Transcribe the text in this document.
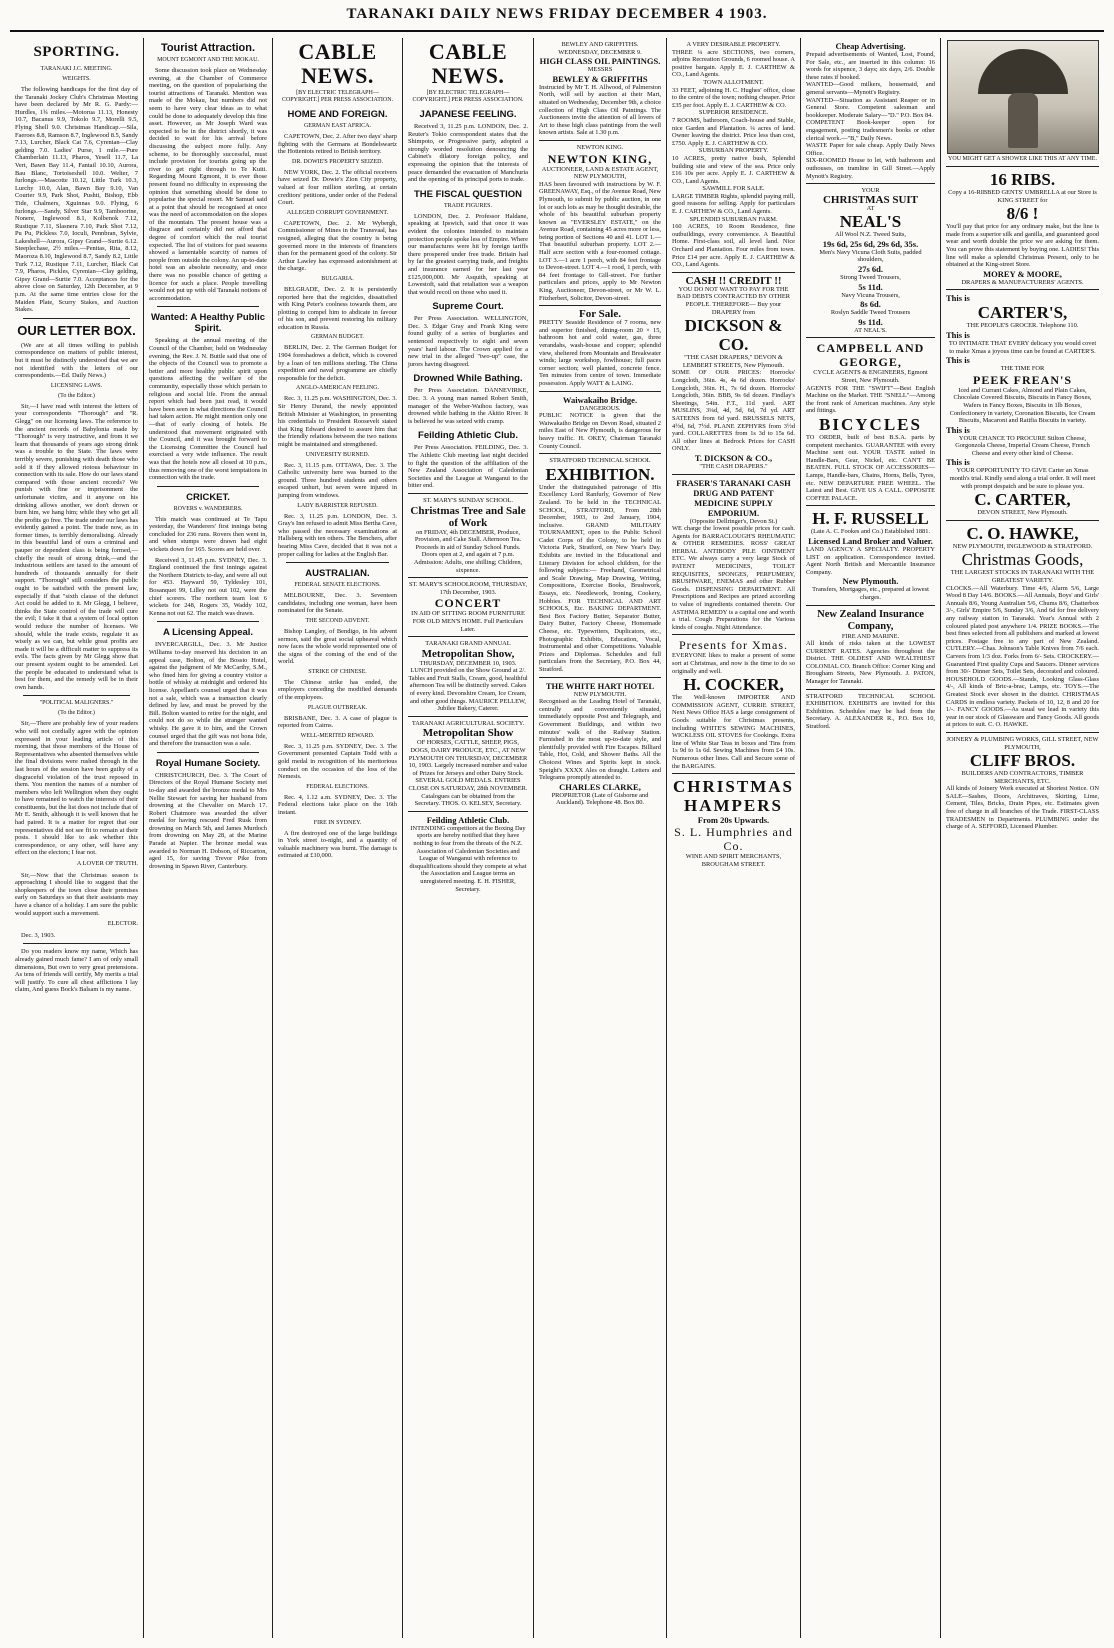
TARANAKI DAILY NEWS FRIDAY DECEMBER 4 1903.
SPORTING.
TARANAKI J.C. MEETING.
WEIGHTS.

The following handicaps for the first day of the Taranaki Jockey Club's Christmas Meeting have been declared by Mr R. G. Pardy:— Hurdles, 1¾ miles.—Motorua 11.13, Honesty 10.7, Bacanus 9.9, Tokolo 9.7, Morelli 9.5, Flying Shell 9.0. Christmas Handicap.—Sila, Faeroes 8.8, Ramson 8.7, Inglewood 8.5, Sandy 7.13, Lurcher, Black Cat 7.6, Cyrenian—Clay gelding 7.0. Ladies' Purse, 1 mile.—Pure Chamberlain 11.13, Pharos, Yesell 11.7, La Vert, Bawn Bay 11.4, Fantail 10.10, Aurora, Bau Blanc, Tortoiseshell 10.0. Welter, 7 furlongs.—Mascotte 10.12, Little Turk 10.3, Lurchy 10.0, Alan, Bawn Bay 9.10, Van Courier 9.9, Park Shot, Pushti, Bishop, Ebb Tide, Chalmers, Xguinnas 9.0. Flying, 6 furlongs.—Sandy, Silver Star 9.9, Tamboorine, Nonere, Inglewood 8.1, Kolbenok 7.12, Rustique 7.11, Slasnera 7.10, Park Shot 7.12, Pu Pu, Pickless 7.0, Ioculi, Pennbran, Sylvie, Lakeshell—Aurora, Gipsy Grand—Surtie 6.12. Steeplechase, 2½ miles.—Penitas, Rita, 8.12, Maoroza 8.10, Inglewood 8.7, Sandy 8.2, Little Turk 7.12, Rustique 7.11, Lurcher, Black Cat 7.9, Pharos, Pickles, Cyrenian—Clay gelding, Gipsy Grand—Surtie 7.0. Acceptances for the above close on Saturday, 12th December, at 9 p.m. At the same time entries close for the Maiden Plate, Scurry Stakes, and Auction Stakes.

OUR LETTER BOX.

(We are at all times willing to publish correspondence on matters of public interest, but it must be distinctly understood that we are not identified with the letters of our correspondents.—Ed. Daily News.)

LICENSING LAWS.
(To the Editor.)

Sir,—I have read with interest the letters of your correspondents "Thorough" and "R. Glegg" on our licensing laws. The reference to the ancient records of Babylonia made by "Thorough" is very instructive, and from it we learn that thousands of years ago strong drink was a trouble to the State. The laws were terribly severe, punishing with death those who sold it if they allowed riotous behaviour in connection with its sale. How do our laws stand compared with those ancient records? We punish with fine or imprisonment the unfortunate victim, and it anyone on his drinking allows another, we don't drown or burn him, we hang him; while they who get all the profits go free. The trade under our laws has evidently gained a point. The trade now, as in former times, is terribly demoralising. Already in this beautiful land of ours a criminal and pauper or dependent class is being formed,—chiefly the result of strong drink,—and the industrious settlers are taxed to the amount of hundreds of thousands annually for their support. "Thorough" still considers the public ought to be satisfied with the present law, especially if that "sixth clause of the defunct Act could be added to it. Mr Glegg, I believe, thinks the State control of the trade will cure the evil; I take it that a system of local option would reduce the number of licenses. We should, while the trade exists, regulate it as wisely as we can, but while great profits are made it will be a difficult matter to suppress its evils. The facts given by Mr Glegg show that our present system ought to be amended. Let the people be educated to understand what is best for them, and the remedy will be in their own hands.

"POLITICAL MALIGNERS."
(To the Editor.)

Sir,—There are probably few of your readers who will not cordially agree with the opinion expressed in your leading article of this morning, that those members of the House of Representatives who absented themselves while the final divisions were rushed through in the last hours of the session have been guilty of a disgraceful violation of the trust reposed in them. You mention the names of a number of members who left Wellington when they ought to have remained to watch the interests of their constituents, but the list does not include that of Mr E. Smith, although it is well known that he had paired. It is a matter for regret that our representatives did not see fit to remain at their posts. I should like to ask whether this correspondence, or any other, will have any effect on the electors; I fear not.

A LOVER OF TRUTH.

Sir,—Now that the Christmas season is approaching I should like to suggest that the shopkeepers of the town close their premises early on Saturdays so that their assistants may have a chance of a holiday. I am sure the public would support such a movement.

ELECTOR.

Dec. 3, 1903.

Do you readers know my name, Which has already gained much fame? I am of only small dimensions, But own to very great pretensions. As tens of friends will certify, My merits a trial will justify. To cure all chest afflictions I lay claim, And guess Bock's Balsam is my name.

Tourist Attraction.
MOUNT EGMONT AND THE MOKAU.

Some discussion took place on Wednesday evening, at the Chamber of Commerce meeting, on the question of popularising the tourist attractions of Taranaki. Mention was made of the Mokau, but numbers did not seem to have very clear ideas as to what could be done to adequately develop this fine asset. However, as Mr Joseph Ward was expected to be in the district shortly, it was decided to wait for his arrival before discussing the subject more fully. Any scheme, to be thoroughly successful, must include provision for tourists going up the river to get right through to Te Kuiti. Regarding Mount Egmont, it is ever those present found no difficulty in expressing the opinion that something should be done to popularise the special resort. Mr Samuel said at a point that should be recognised at once was the need of accommodation on the slopes of the mountain. The present house was a disgrace and certainly did not afford that degree of comfort which the real tourist expected. The list of visitors for past seasons showed a lamentable scarcity of names of people from outside the colony. An up-to-date hotel was an absolute necessity, and once there was no possible chance of getting a licence for such a place. People travelling would not put up with old Taranaki notions of accommodation.

Wanted: A Healthy Public Spirit.

Speaking at the annual meeting of the Council of the Chamber, held on Wednesday evening, the Rev. J. N. Buttle said that one of the objects of the Council was to promote a better and more healthy public spirit upon questions affecting the welfare of the community, especially those which pertain to religious and social life. From the annual report which had been just read, it would have been seen in what directions the Council had taken action. He might mention only one—that of early closing of hotels. He understood that movement originated with the Council, and it was brought forward to the Licensing Committee the Council had exercised a very wide influence. The result was that the hotels now all closed at 10 p.m., thus removing one of the worst temptations in connection with the trade.

CRICKET.
ROVERS v. WANDERERS.

This match was continued at Te Tapu yesterday, the Wanderers' first innings being concluded for 236 runs. Rovers then went in, and when stumps were drawn had eight wickets down for 165. Scores are held over.

Received 3, 11.45 p.m. SYDNEY, Dec. 3. England continued the first innings against the Northern Districts to-day, and were all out for 453. Hayward 59, Tyldesley 101, Bosanquet 99, Lilley not out 102, were the chief scorers. The northern team lost 6 wickets for 248, Rogers 35, Waddy 102, Kenna not out 62. The match was drawn.

A Licensing Appeal.

INVERCARGILL, Dec. 3. Mr Justice Williams to-day reserved his decision in an appeal case, Bolton, of the Bossio Hotel, against the judgment of Mr McCarthy, S.M., who fined him for giving a country visitor a bottle of whisky at midnight and ordered his license. Appellant's counsel urged that it was not a sale, which was a transaction clearly defined by law, and must be proved by the Bill. Bolton wanted to retire for the night, and could not do so while the stranger wanted whisky. He gave it to him, and the Crown counsel urged that the gift was not bona fide, and therefore the transaction was a sale.

Royal Humane Society.

CHRISTCHURCH, Dec. 3. The Court of Directors of the Royal Humane Society met to-day and awarded the bronze medal to Mrs Nellie Stewart for saving her husband from drowning at the Chevalier on March 17. Robert Chatmore was awarded the silver medal for having rescued Fred Rusk from drowning on March 5th, and James Murdoch from drowning on May 28, at the Marine Parade at Napier. The bronze medal was awarded to Norman H. Dobson, of Riccarton, aged 15, for saving Trevor Pike from drowning in Spawn River, Canterbury.

CABLE NEWS.
[BY ELECTRIC TELEGRAPH—COPYRIGHT.] PER PRESS ASSOCIATION.
HOME AND FOREIGN.
GERMAN EAST AFRICA.

CAPETOWN, Dec. 2. After two days' sharp fighting with the Germans at Bondelswartz the Hottentots retired to British territory.

DR. DOWIE'S PROPERTY SEIZED.

NEW YORK, Dec. 2. The official receivers have seized Dr. Dowie's Zion City property, valued at four million sterling, at certain creditors' petitions, under order of the Federal Court.

ALLEGED CORRUPT GOVERNMENT.

CAPETOWN, Dec. 2. Mr Wybergh, Commissioner of Mines in the Transvaal, has resigned, alleging that the country is being governed more in the interests of financiers than for the permanent good of the colony. Sir Arthur Lawley has expressed astonishment at the charge.

BULGARIA.

BELGRADE, Dec. 2. It is persistently reported here that the regicides, dissatisfied with King Peter's coolness towards them, are plotting to compel him to abdicate in favour of his son, and prevent restoring his military education in Russia.

GERMAN BUDGET.

BERLIN, Dec. 2. The German Budget for 1904 foreshadows a deficit, which is covered by a loan of ten millions sterling. The China expedition and naval programme are chiefly responsible for the deficit.

ANGLO-AMERICAN FEELING.

Rec. 3, 11.25 p.m. WASHINGTON, Dec. 3. Sir Henry Durand, the newly appointed British Minister at Washington, in presenting his credentials to President Roosevelt stated that King Edward desired to assure him that the friendly relations between the two nations might be maintained and strengthened.

UNIVERSITY BURNED.

Rec. 3, 11.15 p.m. OTTAWA, Dec. 3. The Catholic university here was burned to the ground. Three hundred students and others escaped unhurt, but seven were injured in jumping from windows.

LADY BARRISTER REFUSED.

Rec. 3, 11.25 p.m. LONDON, Dec. 3. Gray's Inn refused to admit Miss Bertha Cave, who passed the necessary examinations at Hallsberg with ten others. The Benchers, after hearing Miss Cave, decided that it was not a proper calling for ladies at the English Bar.

AUSTRALIAN.
FEDERAL SENATE ELECTIONS.

MELBOURNE, Dec. 3. Seventeen candidates, including one woman, have been nominated for the Senate.

THE SECOND ADVENT.

Bishop Langley, of Bendigo, in his advent sermon, said the great social upheaval which now faces the whole world represented one of the signs of the coming of the end of the world.

STRIKE OF CHINESE.

The Chinese strike has ended, the employers conceding the modified demands of the employees.

PLAGUE OUTBREAK.

BRISBANE, Dec. 3. A case of plague is reported from Cairns.

WELL-MERITED REWARD.

Rec. 3, 11.25 p.m. SYDNEY, Dec. 3. The Government presented Captain Todd with a gold medal in recognition of his meritorious conduct on the occasion of the loss of the Nemesis.

FEDERAL ELECTIONS.

Rec. 4, 1.12 a.m. SYDNEY, Dec. 3. The Federal elections take place on the 16th instant.

FIRE IN SYDNEY.

A fire destroyed one of the large buildings in York street to-night, and a quantity of valuable machinery was burnt. The damage is estimated at £10,000.

CABLE NEWS.
[BY ELECTRIC TELEGRAPH—COPYRIGHT.] PER PRESS ASSOCIATION.
JAPANESE FEELING.

Received 3, 11.25 p.m. LONDON, Dec. 2. Reuter's Tokio correspondent states that the Shimpoto, or Progressive party, adopted a strongly worded resolution denouncing the Cabinet's dilatory foreign policy, and expressing the opinion that the interests of peace demanded the evacuation of Manchuria and the opening of its principal ports to trade.

THE FISCAL QUESTION
TRADE FIGURES.

LONDON, Dec. 2. Professor Haldane, speaking at Ipswich, said that once it was evident the colonies intended to maintain protection people spoke less of Empire. Where our manufactures were hit by foreign tariffs there prospered under free trade. Britain had by far the greatest carrying trade, and freights and insurance earned for her last year £125,000,000. Mr Asquith, speaking at Lowestoft, said that retaliation was a weapon that would recoil on those who used it.

Supreme Court.

Per Press Association. WELLINGTON, Dec. 3. Edgar Gray and Frank King were found guilty of a series of burglaries and sentenced respectively to eight and seven years' hard labour. The Crown applied for a new trial in the alleged "two-up" case, the jurors having disagreed.

Drowned While Bathing.

Per Press Association. DANNEVIRKE, Dec. 3. A young man named Robert Smith, manager of the Weber-Waihou factory, was drowned while bathing in the Akitio River. It is believed he was seized with cramp.

Feilding Athletic Club.

Per Press Association. FEILDING, Dec. 3. The Athletic Club meeting last night decided to fight the question of the affiliation of the New Zealand Association of Caledonian Societies and the League at Wanganui to the bitter end.

ST. MARY'S SUNDAY SCHOOL.
Christmas Tree and Sale of Work
on FRIDAY, 4th DECEMBER, Produce, Provision, and Cake Stall. Afternoon Tea. Proceeds in aid of Sunday School Funds. Doors open at 2, and again at 7 p.m. Admission: Adults, one shilling; Children, sixpence.
ST. MARY'S SCHOOLROOM, THURSDAY, 17th December, 1903.
CONCERT
IN AID OF SITTING ROOM FURNITURE FOR OLD MEN'S HOME. Full Particulars Later.
TARANAKI GRAND ANNUAL
Metropolitan Show,
THURSDAY, DECEMBER 10, 1903. LUNCH provided on the Show Ground at 2/. Tables and Fruit Stalls, Cream, good, healthful afternoon Tea will be distinctly served. Cakes of every kind. Devonshire Cream, Ice Cream, and other good things. MAURICE PELLEW, Jubilee Bakery, Caterer.
TARANAKI AGRICULTURAL SOCIETY.
Metropolitan Show
OF HORSES, CATTLE, SHEEP, PIGS, DOGS, DAIRY PRODUCE, ETC., AT NEW PLYMOUTH ON THURSDAY, DECEMBER 10, 1903. Largely increased number and value of Prizes for Jerseys and other Dairy Stock. SEVERAL GOLD MEDALS. ENTRIES CLOSE ON SATURDAY, 28th NOVEMBER. Catalogues can be obtained from the Secretary. THOS. O. KELSEY, Secretary.
Feilding Athletic Club.
INTENDING competitors at the Boxing Day sports are hereby notified that they have nothing to fear from the threats of the N.Z. Association of Caledonian Societies and League of Wanganui with reference to disqualifications should they compete at what the Association and League terms an unregistered meeting. E. H. FISHER, Secretary.
BEWLEY AND GRIFFITHS.
WEDNESDAY, DECEMBER 9.
HIGH CLASS OIL PAINTINGS.
MESSRS
BEWLEY & GRIFFITHS
Instructed by Mr T. H. Allwood, of Palmerston North, will sell by auction at their Mart, situated on Wednesday, December 9th, a choice collection of High Class Oil Paintings. The Auctioneers invite the attention of all lovers of Art to these high class paintings from the well known artists. Sale at 1.30 p.m.
NEWTON KING.
NEWTON KING,
AUCTIONEER, LAND & ESTATE AGENT, NEW PLYMOUTH,
HAS been favoured with instructions by W. F. GREENAWAY, Esq., of the Avenue Road, New Plymouth, to submit by public auction, in one lot or such lots as may be thought desirable, the whole of his beautiful suburban property known as "EVERSLEY ESTATE," on the Avenue Road, containing 45 acres more or less, being portion of Sections 40 and 41. LOT 1.—That beautiful suburban property. LOT 2.—Half acre section with a four-roomed cottage. LOT 3.—1 acre 1 perch, with 84 feet frontage to Devon-street. LOT 4.—1 rood, 1 perch, with 84 feet frontage to Gill-street. For further particulars and prices, apply to Mr Newton King, Auctioneer, Devon-street, or Mr W. L. Fitzherbert, Solicitor, Devon-street.
For Sale.
PRETTY Seaside Residence of 7 rooms, new and superior finished, dining-room 20 × 15, bathroom hot and cold water, gas, three verandahs, wash-house and copper; splendid view, sheltered from Mountain and Breakwater winds; large workshop, fowlhouse; full paces corner section; well planted, concrete fence. Ten minutes from centre of town. Immediate possession. Apply WATT & LAING.
Waiwakaiho Bridge.
DANGEROUS.
PUBLIC NOTICE is given that the Waiwakaiho Bridge on Devon Road, situated 2 miles East of New Plymouth, is dangerous for heavy traffic. H. OKEY, Chairman Taranaki County Council.
STRATFORD TECHNICAL SCHOOL
EXHIBITION.
Under the distinguished patronage of His Excellency Lord Ranfurly, Governor of New Zealand. To be held in the TECHNICAL SCHOOL, STRATFORD, From 28th December, 1903, to 2nd January, 1904, inclusive. GRAND MILITARY TOURNAMENT, open to the Public School Cadet Corps of the Colony, to be held in Victoria Park, Stratford, on New Year's Day. Exhibits are invited in the Educational and Literary Division for school children, for the following subjects:— Freehand, Geometrical and Scale Drawing, Map Drawing, Writing, Compositions, Exercise Books, Brushwork, Essays, etc. Needlework, Ironing, Cookery, Hobbies. FOR TECHNICAL AND ART SCHOOLS, Etc. BAKING DEPARTMENT. Best Box Factory Butter, Separator Butter, Dairy Butter, Factory Cheese, Homemade Cheese, etc. Typewriters, Duplicators, etc., Photographic Exhibits, Education, Vocal, Instrumental and other Competitions. Valuable Prizes and Diplomas. Schedules and full particulars from the Secretary, P.O. Box 44, Stratford.
THE WHITE HART HOTEL
NEW PLYMOUTH.
Recognised as the Leading Hotel of Taranaki, centrally and conveniently situated, immediately opposite Post and Telegraph, and Government Buildings, and within two minutes' walk of the Railway Station. Furnished in the most up-to-date style, and plentifully provided with Fire Escapes. Billiard Table, Hot, Cold, and Shower Baths. All the Choicest Wines and Spirits kept in stock. Speight's XXXX Ales on draught. Letters and Telegrams promptly attended to.
CHARLES CLARKE,
PROPRIETOR (Late of Gisborne and Auckland). Telephone 48. Box 80.
A VERY DESIRABLE PROPERTY.
THREE ¼ acre SECTIONS, two corners, adjoins Recreation Grounds, 6 roomed house. A positive bargain. Apply E. J. CARTHEW & CO., Land Agents.
TOWN ALLOTMENT.
33 FEET, adjoining H. C. Hughes' office, close to the centre of the town; nothing cheaper. Price £35 per foot. Apply E. J. CARTHEW & CO.
SUPERIOR RESIDENCE.
7 ROOMS, bathroom, Coach-house and Stable, nice Garden and Plantation. ¼ acres of land. Owner leaving the district. Price less than cost, £750. Apply E. J. CARTHEW & CO.
SUBURBAN PROPERTY.
10 ACRES, pretty native bush, Splendid building site and view of the sea. Price only £16 10s per acre. Apply E. J. CARTHEW & CO., Land Agents.
SAWMILL FOR SALE.
LARGE TIMBER Rights, splendid paying mill, good reasons for selling. Apply for particulars E. J. CARTHEW & CO., Land Agents.
SPLENDID SUBURBAN FARM.
160 ACRES, 10 Room Residence, fine outbuildings, every convenience. A Beautiful Home. First-class soil, all level land. Nice Orchard and Plantation. Four miles from town. Price £14 per acre. Apply E. J. CARTHEW & CO., Land Agents.
CASH !! CREDIT !!
YOU DO NOT WANT TO PAY FOR THE BAD DEBTS CONTRACTED BY OTHER PEOPLE. THEREFORE— Buy your DRAPERY from
DICKSON & CO.
"THE CASH DRAPERS," DEVON & LEMBERT STREETS, New Plymouth.
SOME OF OUR PRICES: Horrocks' Longcloth, 36in. 4s, 4s 6d dozen. Horrocks' Longcloth, 36in. H., 7s 6d dozen. Horrocks' Longcloth, 36in. BBB, 9s 6d dozen. Findlay's Sheetings, 54in. F.T., 11d yard. ART MUSLINS, 3¼d, 4d, 5d, 6d, 7d yd. ART SATEENS from 6d yard. BRUSSELS NETS, 4½d, 6d, 7½d. PLANE ZEPHYRS from 3½d yard. COLLARETTES from 1s 3d to 15s 6d. All other lines at Bedrock Prices for CASH ONLY.
T. DICKSON & CO.,
"THE CASH DRAPERS."
FRASER'S TARANAKI CASH DRUG AND PATENT MEDICINE SUPPLY EMPORIUM.
(Opposite Dellringer's, Devon St.)
WE charge the lowest possible prices for cash. Agents for BARRACLOUGH'S RHEUMATIC & OTHER REMEDIES. ROSS' GREAT HERBAL ANTIBODY PILE OINTMENT ETC. We always carry a very large Stock of PATENT MEDICINES, TOILET REQUISITES, SPONGES, PERFUMERY, BRUSHWARE, ENEMAS and other Rubber Goods. DISPENSING DEPARTMENT. All Prescriptions and Recipes are prized according to value of ingredients contained therein. Our ASTHMA REMEDY is a capital one and worth a trial. Cough Preparations for the Various kinds of coughs. Night Attendance.
Presents for Xmas.
EVERYONE likes to make a present of some sort at Christmas, and now is the time to do so originally and well.
H. COCKER,
The Well-known IMPORTER AND COMMISSION AGENT, CURRIE STREET, Next News Office HAS a large consignment of Goods suitable for Christmas presents, including WHITE'S SEWING MACHINES, WICKLESS OIL STOVES for Cookings. Extra line of White Star Teas in boxes and Tins from 1s 9d to 1s 6d. Sewing Machines from £4 10s. Numerous other lines. Call and Secure some of the BARGAINS.
CHRISTMAS HAMPERS
From 20s Upwards.
S. L. Humphries and Co.
WINE AND SPIRIT MERCHANTS, BROUGHAM STREET.
Cheap Advertising.
Prepaid advertisements of Wanted, Lost, Found, For Sale, etc., are inserted in this column: 16 words for sixpence, 3 days; six days, 2/6. Double these rates if booked.
WANTED—Good milkers, housemaid, and general servants—Mynott's Registry.
WANTED—Situation as Assistant Reaper or in General Store. Competent salesman and bookkeeper. Moderate Salary—"D." P.O. Box 84.
COMPETENT Book-keeper open for engagement, posting tradesmen's books or other clerical work.—"B," Daily News.
WASTE Paper for sale cheap. Apply Daily News Office.
SIX-ROOMED House to let, with bathroom and outhouses, on tramline in Gill Street.—Apply Mynott's Registry.
YOUR
CHRISTMAS SUIT
AT
NEAL'S
All Wool N.Z. Tweed Suits,
19s 6d, 25s 6d, 29s 6d, 35s.
Men's Navy Vicuna Cloth Suits, padded shoulders,
27s 6d.
Strong Tweed Trousers,
5s 11d.
Navy Vicuna Trousers,
8s 6d.
Roslyn Saddle Tweed Trousers
9s 11d.
AT NEAL'S.
CAMPBELL AND GEORGE,
CYCLE AGENTS & ENGINEERS, Egmont Street, New Plymouth.
AGENTS FOR THE "SWIFT"—Best English Machine on the Market. THE "SNELL"—Among the front rank of American machines. Any style and fittings.
BICYCLES
TO ORDER, built of best B.S.A. parts by competent mechanics. GUARANTEE with every Machine sent out. YOUR TASTE suited in Handle-Bars, Gear, Nickel, etc. CAN'T BE BEATEN. FULL STOCK OF ACCESSORIES—Lamps, Handle-bars, Chains, Horns, Bells, Tyres, etc. NEW DEPARTURE FREE WHEEL. The Latest and Best. GIVE US A CALL. OPPOSITE COFFEE PALACE.
H. F. RUSSELL
(Late A. C. Fookes and Co.) Established 1881.
Licensed Land Broker and Valuer.
LAND AGENCY A SPECIALTY. PROPERTY LIST on application. Correspondence invited. Agent North British and Mercantile Insurance Company.
New Plymouth.
Transfers, Mortgages, etc., prepared at lowest charges.
New Zealand Insurance Company,
FIRE AND MARINE.
All kinds of risks taken at the LOWEST CURRENT RATES. Agencies throughout the District. THE OLDEST AND WEALTHIEST COLONIAL CO. Branch Office: Corner King and Brougham Streets, New Plymouth. J. PATON, Manager for Taranaki.
STRATFORD TECHNICAL SCHOOL EXHIBITION. EXHIBITS are invited for this Exhibition. Schedules may be had from the Secretary. A. ALEXANDER R., P.O. Box 10, Stratford.
YOU MIGHT GET A SHOWER LIKE THIS AT ANY TIME.
16 RIBS.
Copy a 16-RIBBED GENTS' UMBRELLA at our Store is KING STREET for
8/6 !
You'll pay that price for any ordinary make, but the line is made from a superior silk and ganilla, and guaranteed good wear and worth double the price we are asking for them. You can prove this statement by buying one. LADIES! This line will make a splendid Christmas Present, only to be obtained at the King-street Store.
MOREY & MOORE,
DRAPERS & MANUFACTURERS' AGENTS.
This is
CARTER'S,
THE PEOPLE'S GROCER. Telephone 110.
This is
TO INTIMATE THAT EVERY delicacy you would covet to make Xmas a joyous time can be found at CARTER'S.
This is
THE TIME FOR
PEEK FREAN'S
Iced and Currant Cakes, Almond and Plain Cakes, Chocolate Covered Biscuits, Biscuits in Fancy Boxes, Wafers in Fancy Boxes, Biscuits in 1lb Boxes, Confectionery in variety, Coronation Biscuits, Ice Cream Biscuits, Macaroni and Ratifia Biscuits in variety.
This is
YOUR CHANCE TO PROCURE Stilton Cheese, Gorgonzola Cheese, Imperial Cream Cheese, French Cheese and every other kind of Cheese.
This is
YOUR OPPORTUNITY TO GIVE Carter an Xmas month's trial. Kindly send along a trial order. It will meet with prompt despatch and be sure to please you.
C. CARTER,
DEVON STREET, New Plymouth.
C. O. HAWKE,
NEW PLYMOUTH, INGLEWOOD & STRATFORD.
Christmas Goods,
THE LARGEST STOCKS IN TARANAKI WITH THE GREATEST VARIETY.
CLOCKS.—All Waterbury. Time 4/6, Alarm 5/6, Large Wood 8 Day 14/6. BOOKS.—All Annuals, Boys' and Girls' Annuals 8/6, Young Australian 5/6, Chums 8/6, Chatterbox 3/-, Girls' Empire 5/6, Sunday 3/6, And 6d for free delivery any railway station in Taranaki. Year's Annual with 2 coloured plated post anywhere 1/4. PRIZE BOOKS.—The best fines selected from all publishers and marked at lowest prices. Postage free to any part of New Zealand. CUTLERY.—Chas. Johnson's Table Knives from 7/6 each. Carvers from 1/3 doz. Forks from 6/- Sets. CROCKERY.—Guaranteed First quality Cups and Saucers. Dinner services from 30/- Dinner Sets, Toilet Sets, decorated and coloured. HOUSEHOLD GOODS.—Stands, Looking Glass-Glass 4/-, All kinds of Bric-a-brac, Lamps, etc. TOYS.—The Greatest Stock ever shown in the district. CHRISTMAS CARDS in endless variety. Packets of 10, 12, 8 and 20 for 1/-. FANCY GOODS.—As usual we lead in variety this year in our stock of Glassware and Fancy Goods. All goods at prices to suit. C. O. HAWKE.
JOINERY & PLUMBING WORKS, GILL STREET, NEW PLYMOUTH,
CLIFF BROS.
BUILDERS AND CONTRACTORS, TIMBER MERCHANTS, ETC.
All kinds of Joinery Work executed at Shortest Notice. ON SALE—Sashes, Doors, Architraves, Skirting, Lime, Cement, Tiles, Bricks, Drain Pipes, etc. Estimates given free of charge in all branches of the Trade. FIRST-CLASS TRADESMEN in Departments. PLUMBING under the charge of A. SEFFORD, Licensed Plumber.
